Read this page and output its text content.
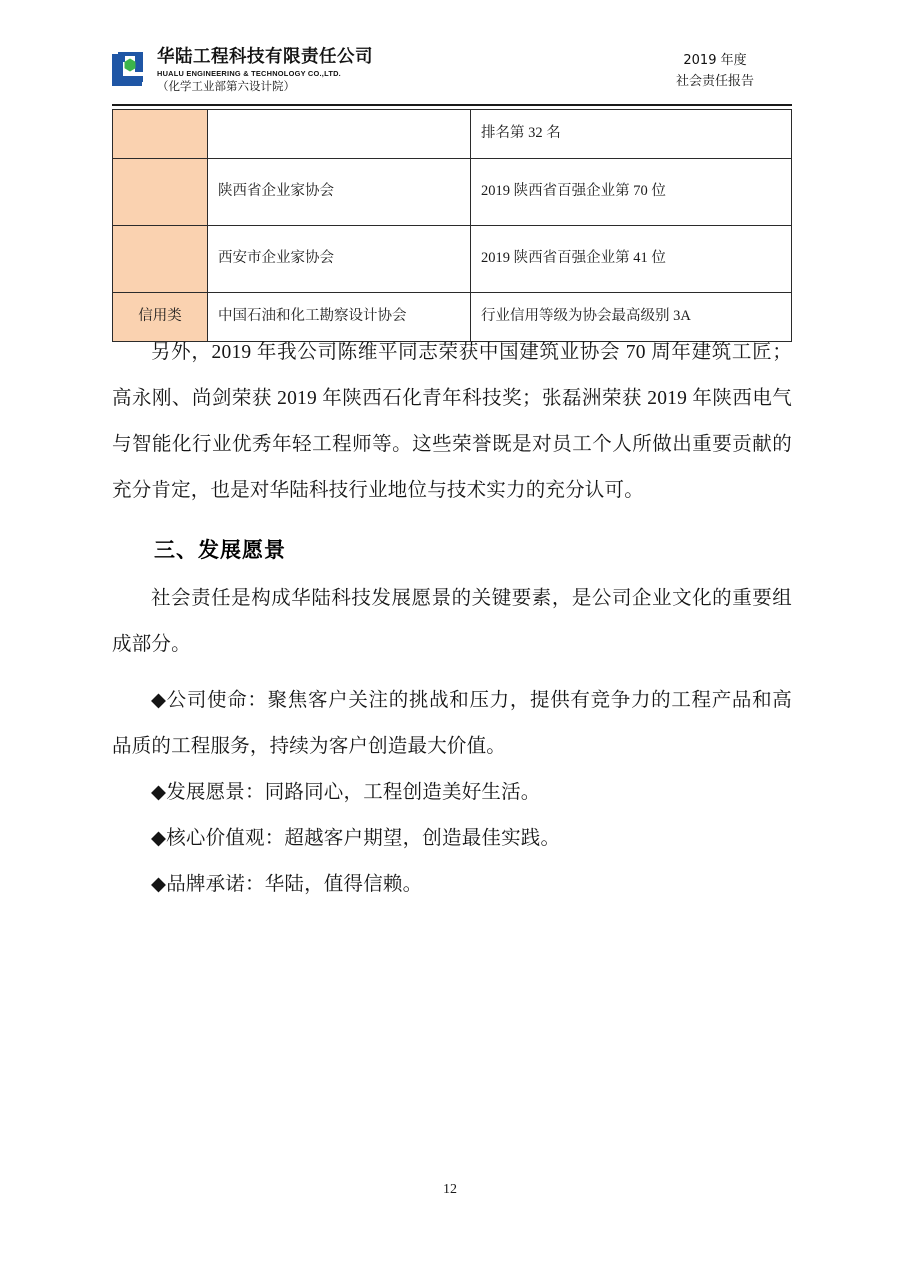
华陆工程科技有限责任公司
HUALU ENGINEERING & TECHNOLOGY CO.,LTD.
（化学工业部第六设计院）
2019 年度
社会责任报告
		排名第 32 名
	陕西省企业家协会	2019 陕西省百强企业第 70 位
	西安市企业家协会	2019 陕西省百强企业第 41 位
信用类	中国石油和化工勘察设计协会	行业信用等级为协会最高级别 3A

另外，2019 年我公司陈维平同志荣获中国建筑业协会 70 周年建筑工匠；高永刚、尚剑荣获 2019 年陕西石化青年科技奖；张磊洲荣获 2019 年陕西电气与智能化行业优秀年轻工程师等。这些荣誉既是对员工个人所做出重要贡献的充分肯定，也是对华陆科技行业地位与技术实力的充分认可。

三、发展愿景

社会责任是构成华陆科技发展愿景的关键要素，是公司企业文化的重要组成部分。

◆公司使命：聚焦客户关注的挑战和压力，提供有竞争力的工程产品和高品质的工程服务，持续为客户创造最大价值。
◆发展愿景：同路同心，工程创造美好生活。
◆核心价值观：超越客户期望，创造最佳实践。
◆品牌承诺：华陆，值得信赖。
12
